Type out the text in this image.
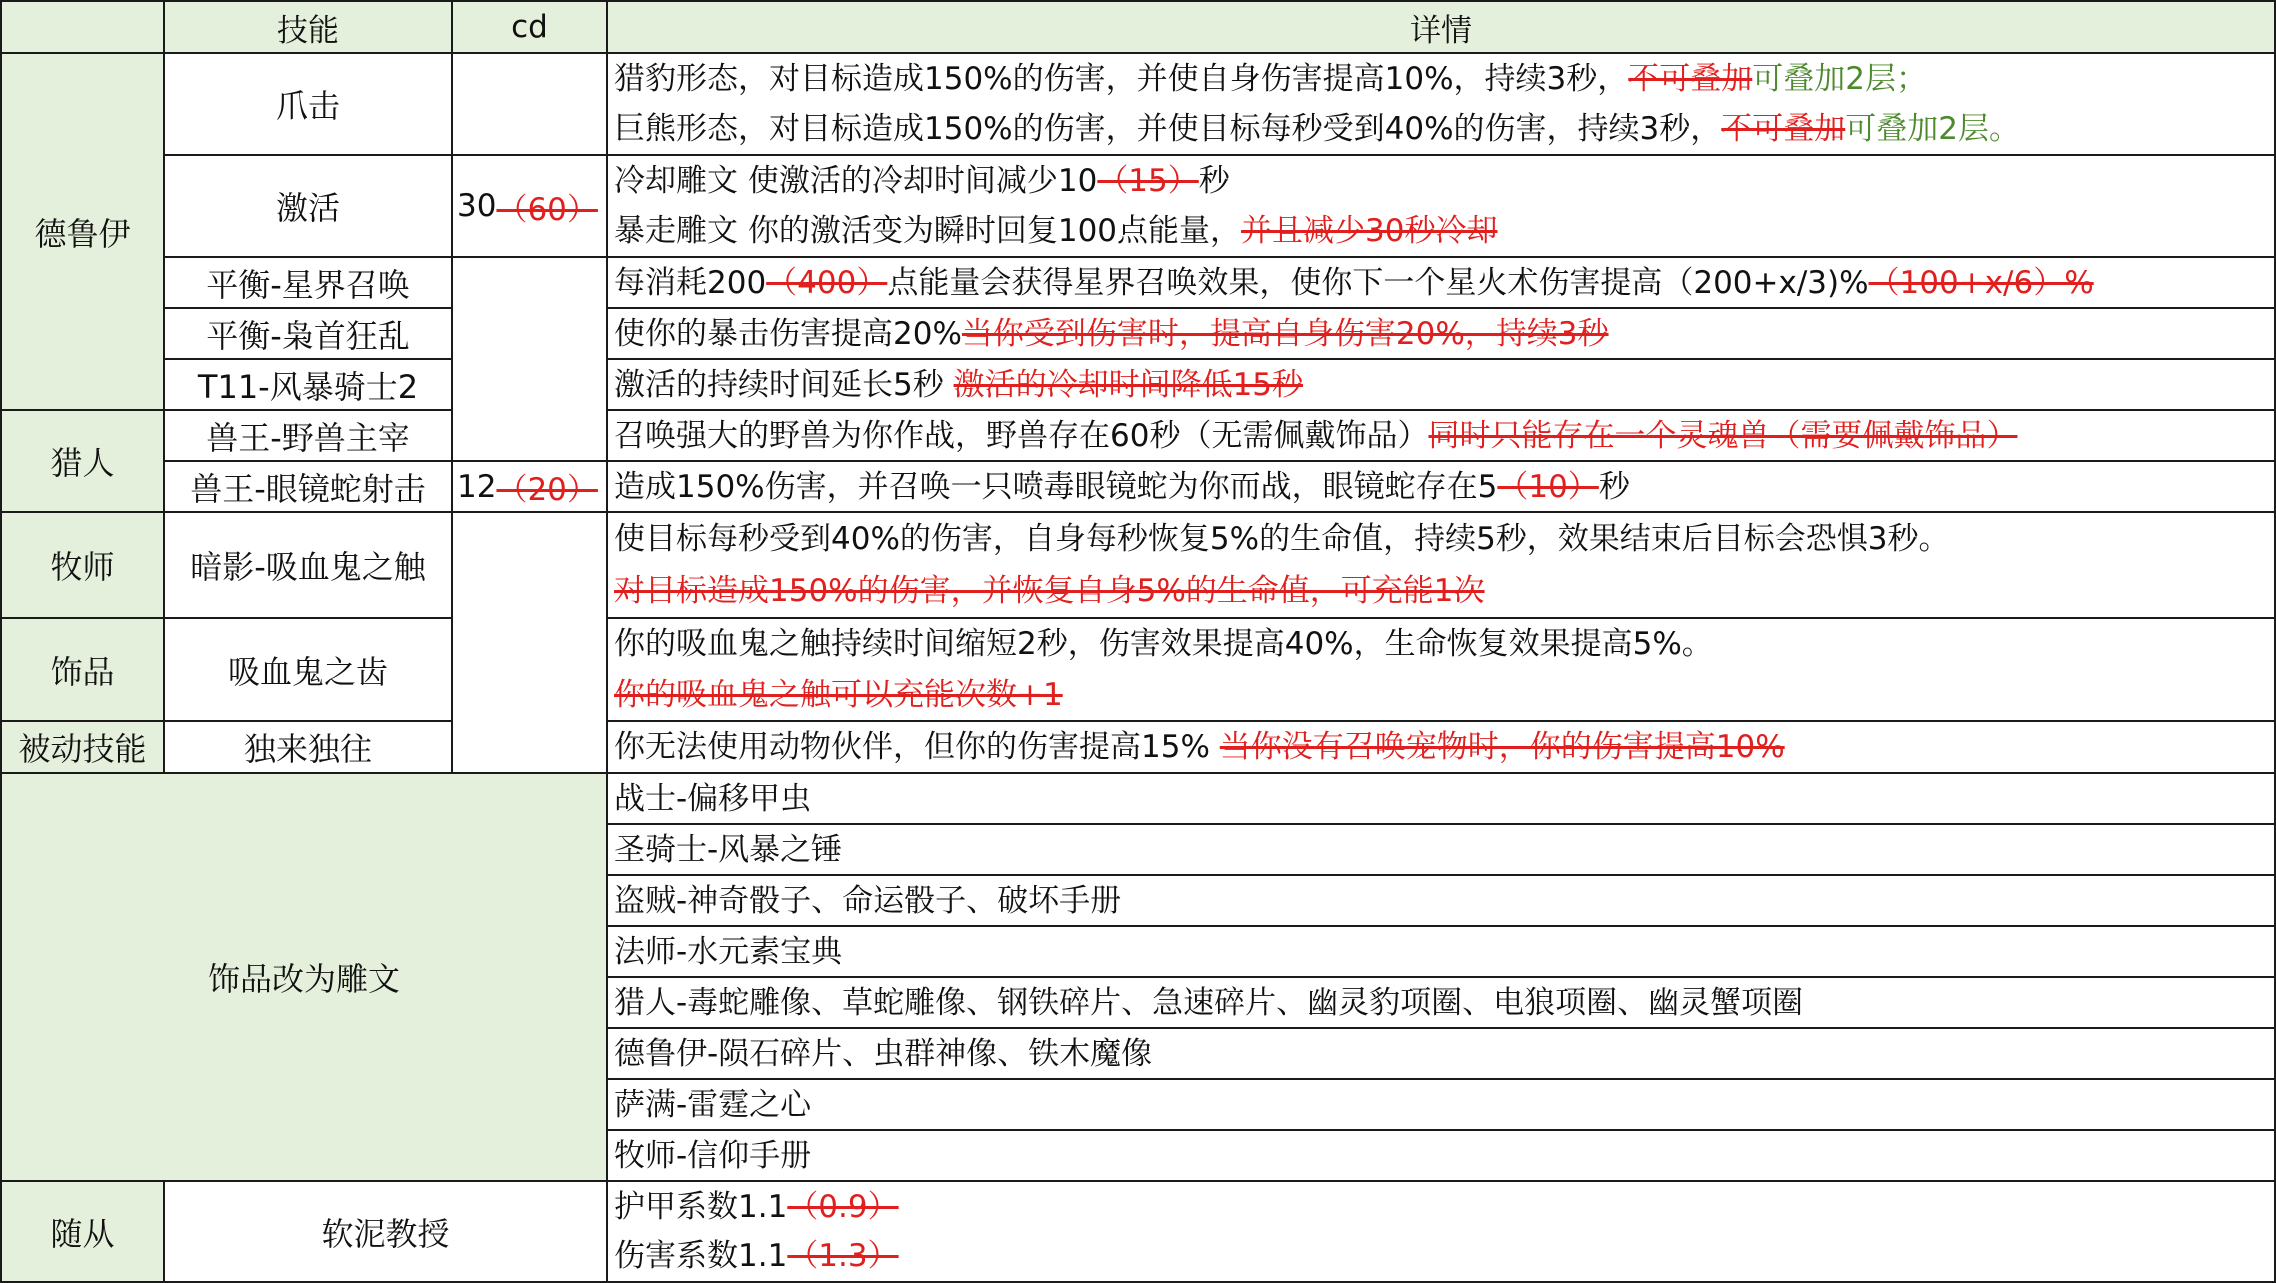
技能	cd	详情
德鲁伊
猎人
牧师
饰品
被动技能
饰品改为雕文
随从
爪击
激活
平衡-星界召唤
平衡-枭首狂乱
T11-风暴骑士2
兽王-野兽主宰
兽王-眼镜蛇射击
暗影-吸血鬼之触
吸血鬼之齿
独来独往
软泥教授
30 （60）
12 （20）
猎豹形态，对目标造成150%的伤害，并使自身伤害提高10%，持续3秒，不可叠加可叠加2层；
巨熊形态，对目标造成150%的伤害，并使目标每秒受到40%的伤害，持续3秒，不可叠加可叠加2层。
冷却雕文 使激活的冷却时间减少10（15）秒
暴走雕文 你的激活变为瞬时回复100点能量，并且减少30秒冷却
每消耗200（400）点能量会获得星界召唤效果，使你下一个星火术伤害提高（200+x/3)%（100+x/6）%
使你的暴击伤害提高20%当你受到伤害时，提高自身伤害20%，持续3秒
激活的持续时间延长5秒 激活的冷却时间降低15秒
召唤强大的野兽为你作战，野兽存在60秒（无需佩戴饰品）同时只能存在一个灵魂兽（需要佩戴饰品）
造成150%伤害，并召唤一只喷毒眼镜蛇为你而战，眼镜蛇存在5（10）秒
使目标每秒受到40%的伤害，自身每秒恢复5%的生命值，持续5秒，效果结束后目标会恐惧3秒。
对目标造成150%的伤害，并恢复自身5%的生命值，可充能1次
你的吸血鬼之触持续时间缩短2秒，伤害效果提高40%，生命恢复效果提高5%。
你的吸血鬼之触可以充能次数+1
你无法使用动物伙伴，但你的伤害提高15% 当你没有召唤宠物时，你的伤害提高10%
战士-偏移甲虫
圣骑士-风暴之锤
盗贼-神奇骰子、命运骰子、破坏手册
法师-水元素宝典
猎人-毒蛇雕像、草蛇雕像、钢铁碎片、急速碎片、幽灵豹项圈、电狼项圈、幽灵蟹项圈
德鲁伊-陨石碎片、虫群神像、铁木魔像
萨满-雷霆之心
牧师-信仰手册
护甲系数1.1（0.9）
伤害系数1.1（1.3）
